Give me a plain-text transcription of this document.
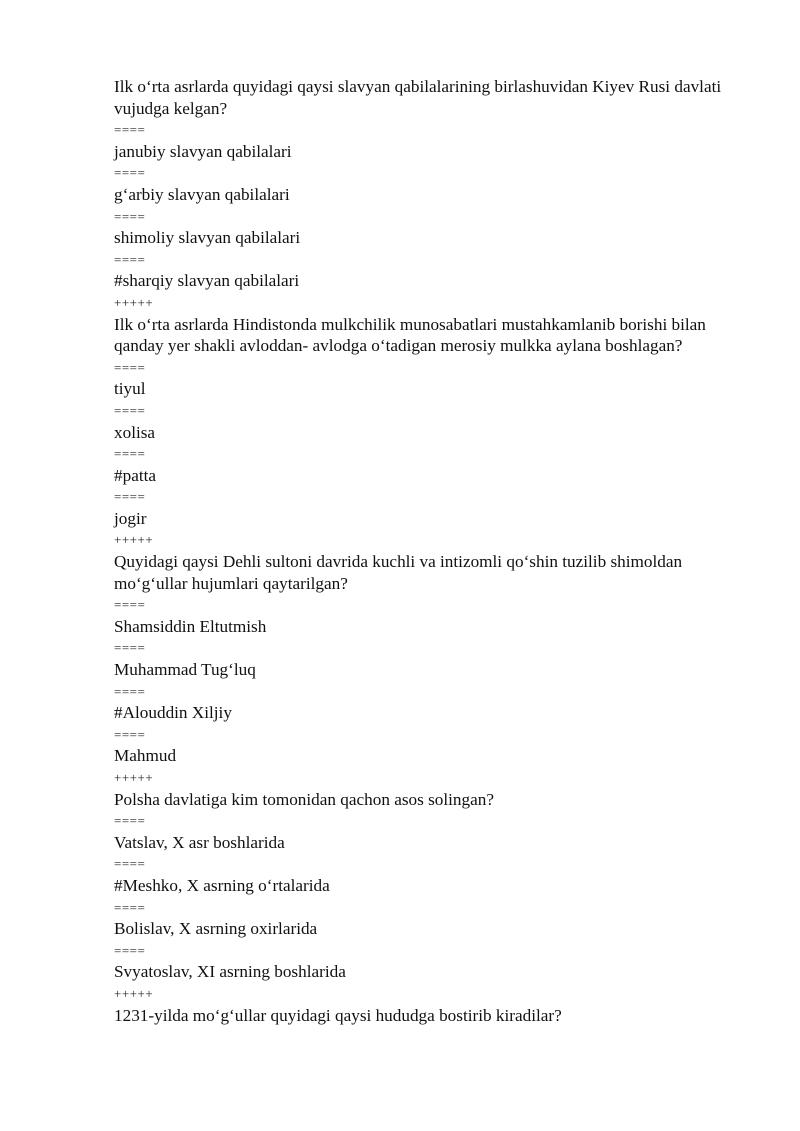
Ilk o‘rta asrlarda quyidagi qaysi slavyan qabilalarining birlashuvidan Kiyev Rusi davlati vujudga kelgan?
====
janubiy slavyan qabilalari
====
g‘arbiy slavyan qabilalari
====
shimoliy slavyan qabilalari
====
#sharqiy slavyan qabilalari
+++++
Ilk o‘rta asrlarda Hindistonda mulkchilik munosabatlari mustahkamlanib borishi bilan qanday yer shakli avloddan- avlodga o‘tadigan merosiy mulkka aylana boshlagan?
====
tiyul
====
xolisa
====
#patta
====
jogir
+++++
Quyidagi qaysi Dehli sultoni davrida kuchli va intizomli qo‘shin tuzilib shimoldan mo‘g‘ullar hujumlari qaytarilgan?
====
Shamsiddin Eltutmish
====
Muhammad Tug‘luq
====
#Alouddin Xiljiy
====
Mahmud
+++++
Polsha davlatiga kim tomonidan qachon asos solingan?
====
Vatslav, X asr boshlarida
====
#Meshko, X asrning o‘rtalarida
====
Bolislav, X asrning oxirlarida
====
Svyatoslav, XI asrning boshlarida
+++++
1231-yilda mo‘g‘ullar quyidagi qaysi hududga bostirib kiradilar?
